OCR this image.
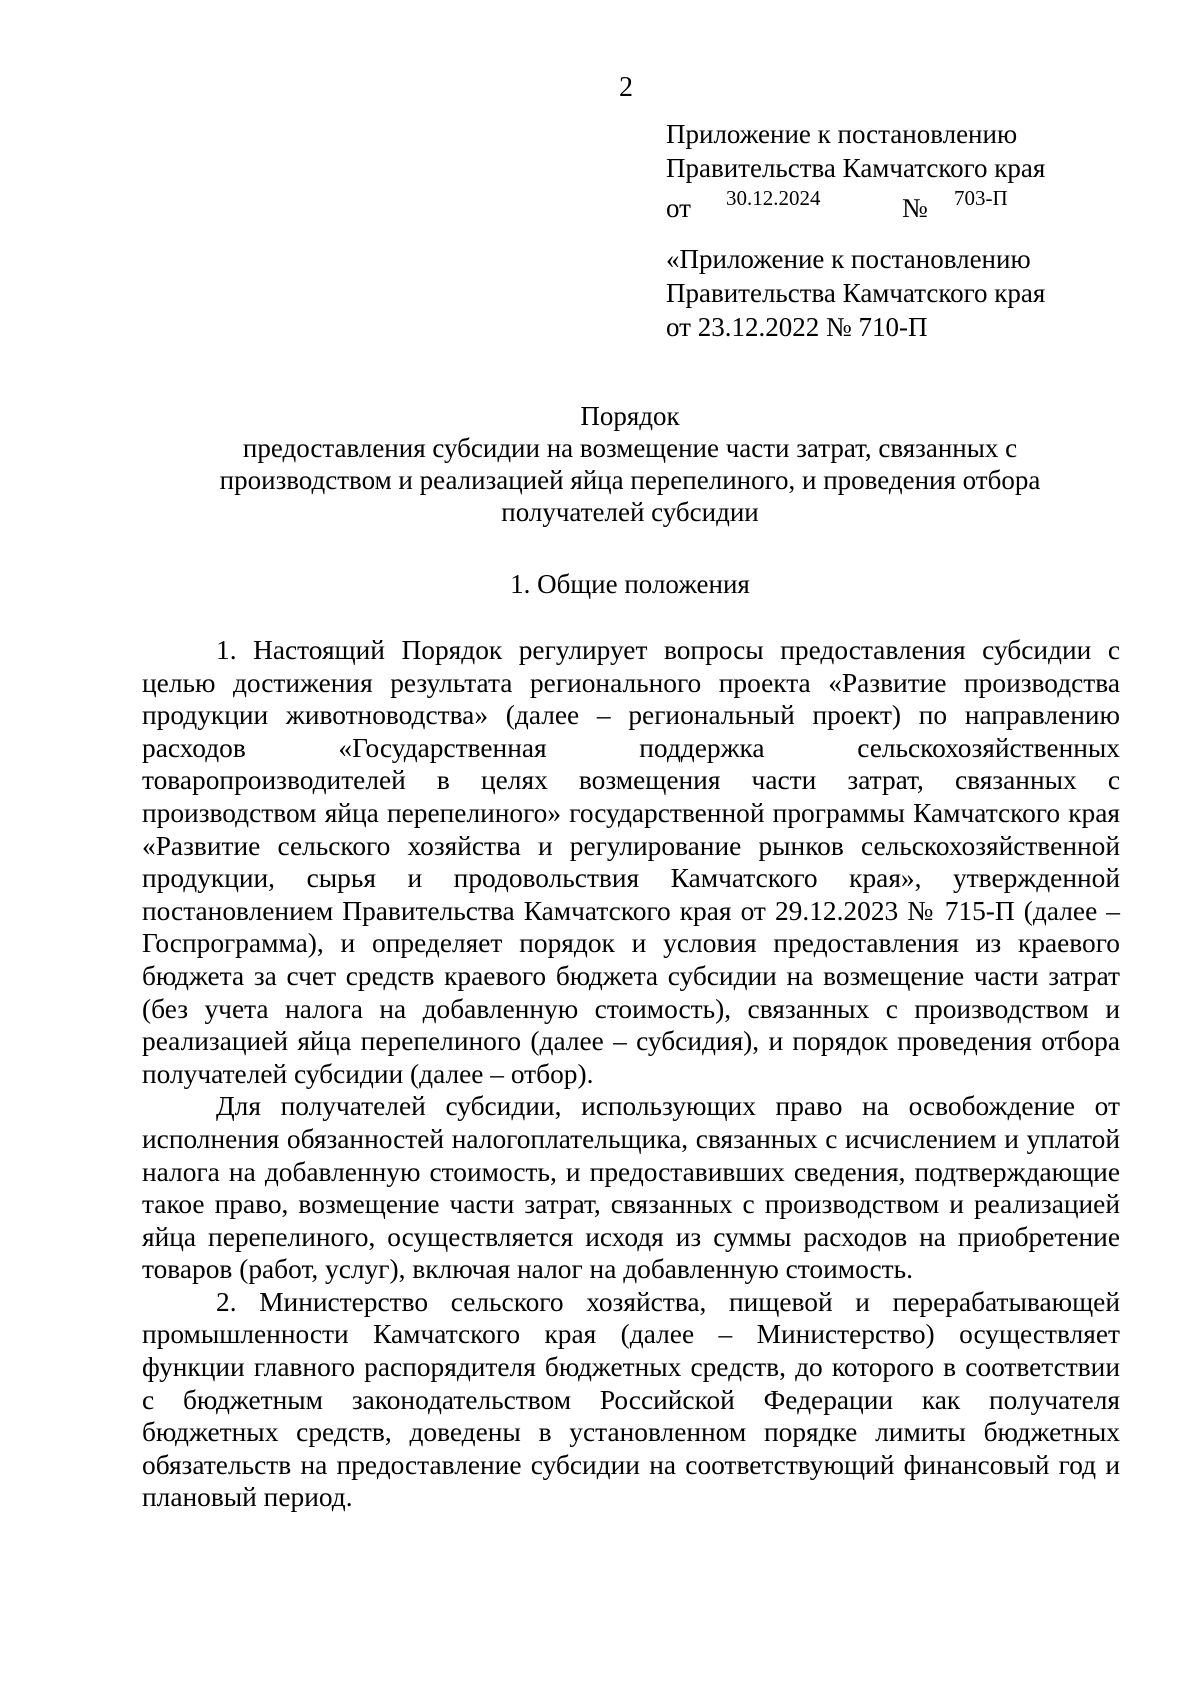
2
Приложение к постановлению
Правительства Камчатского края
от 30.12.2024	№ 703-П
«Приложение к постановлению
Правительства Камчатского края
от 23.12.2022 № 710-П
Порядок
предоставления субсидии на возмещение части затрат, связанных с
производством и реализацией яйца перепелиного, и проведения отбора
получателей субсидии
1. Общие положения

1. Настоящий Порядок регулирует вопросы предоставления субсидии с целью достижения результата регионального проекта «Развитие производства продукции животноводства» (далее – региональный проект) по направлению расходов «Государственная поддержка сельскохозяйственных товаропроизводителей в целях возмещения части затрат, связанных с производством яйца перепелиного» государственной программы Камчатского края «Развитие сельского хозяйства и регулирование рынков сельскохозяйственной продукции, сырья и продовольствия Камчатского края», утвержденной постановлением Правительства Камчатского края от 29.12.2023 № 715-П (далее – Госпрограмма), и определяет порядок и условия предоставления из краевого бюджета за счет средств краевого бюджета субсидии на возмещение части затрат (без учета налога на добавленную стоимость), связанных с производством и реализацией яйца перепелиного (далее – субсидия), и порядок проведения отбора получателей субсидии (далее – отбор).

Для получателей субсидии, использующих право на освобождение от исполнения обязанностей налогоплательщика, связанных с исчислением и уплатой налога на добавленную стоимость, и предоставивших сведения, подтверждающие такое право, возмещение части затрат, связанных с производством и реализацией яйца перепелиного, осуществляется исходя из суммы расходов на приобретение товаров (работ, услуг), включая налог на добавленную стоимость.

2. Министерство сельского хозяйства, пищевой и перерабатывающей промышленности Камчатского края (далее – Министерство) осуществляет функции главного распорядителя бюджетных средств, до которого в соответствии с бюджетным законодательством Российской Федерации как получателя бюджетных средств, доведены в установленном порядке лимиты бюджетных обязательств на предоставление субсидии на соответствующий финансовый год и плановый период.
